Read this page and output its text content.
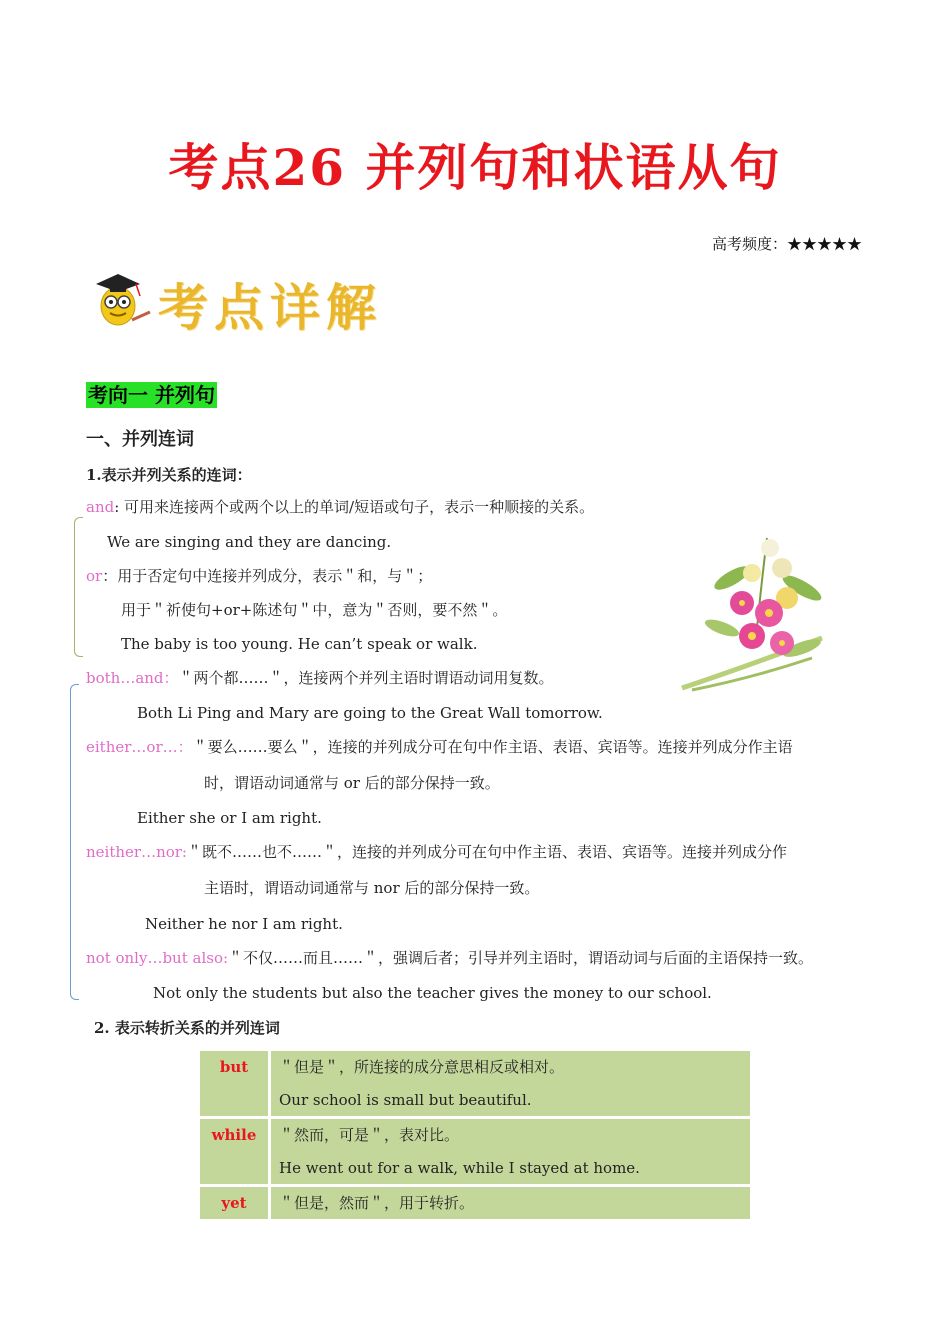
考点26 并列句和状语从句
高考频度：★★★★★
考点详解
考向一 并列句
一、并列连词
1.表示并列关系的连词：
and: 可用来连接两个或两个以上的单词/短语或句子，表示一种顺接的关系。
We are singing and they are dancing.
or：用于否定句中连接并列成分，表示＂和，与＂；
用于＂祈使句+or+陈述句＂中，意为＂否则，要不然＂。
The baby is too young. He can’t speak or walk.
both…and：＂两个都……＂，连接两个并列主语时谓语动词用复数。
Both Li Ping and Mary are going to the Great Wall tomorrow.
either…or…：＂要么……要么＂，连接的并列成分可在句中作主语、表语、宾语等。连接并列成分作主语
时，谓语动词通常与 or 后的部分保持一致。
Either she or I am right.
neither…nor:＂既不……也不……＂，连接的并列成分可在句中作主语、表语、宾语等。连接并列成分作
主语时，谓语动词通常与 nor 后的部分保持一致。
Neither he nor I am right.
not only…but also:＂不仅……而且……＂，强调后者；引导并列主语时，谓语动词与后面的主语保持一致。
Not only the students but also the teacher gives the money to our school.
2. 表示转折关系的并列连词
but	＂但是＂，所连接的成分意思相反或相对。
Our school is small but beautiful.

while	＂然而，可是＂，表对比。
He went out for a walk, while I stayed at home.

yet	＂但是，然而＂，用于转折。
